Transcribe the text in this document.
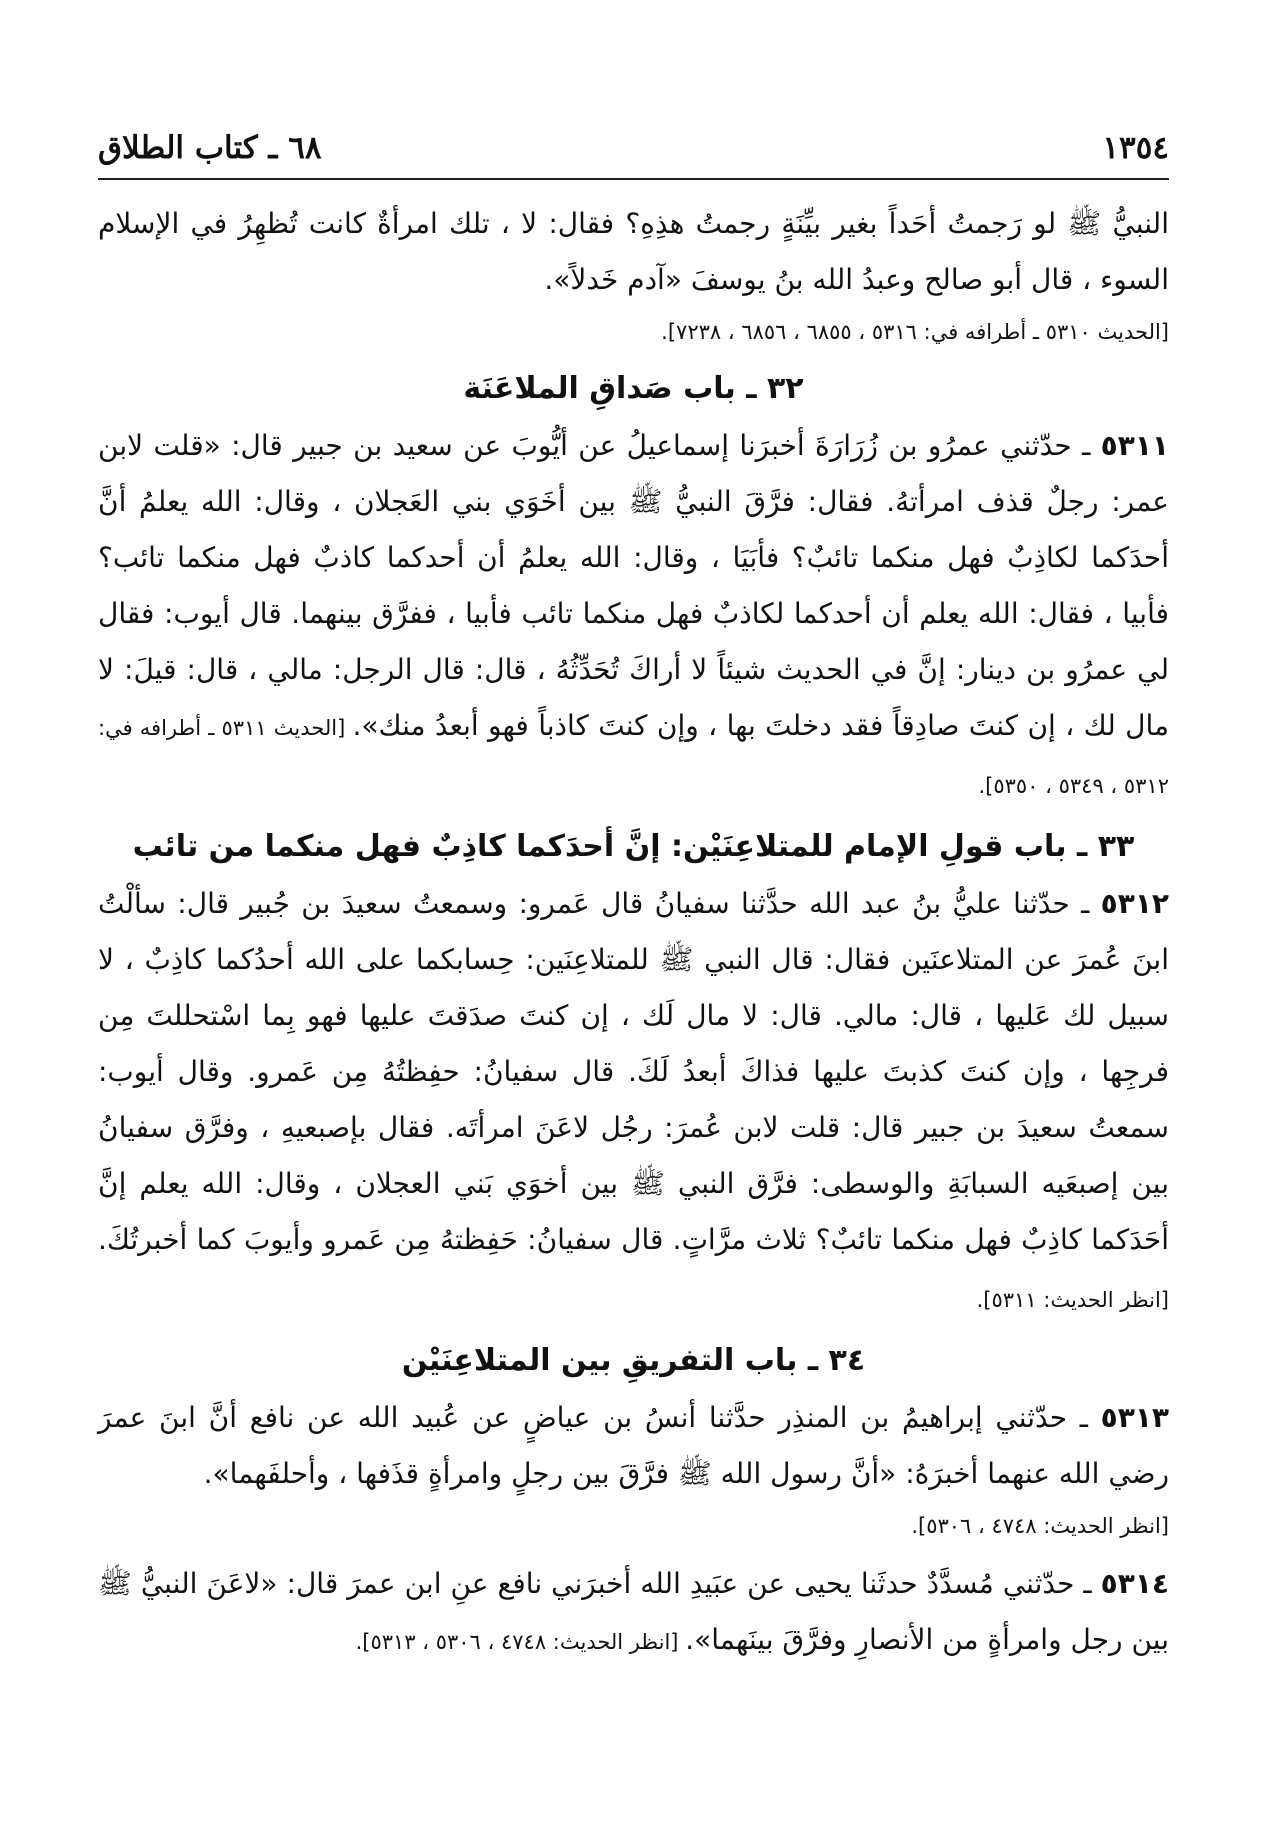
٦٨ ـ كتاب الطلاق	١٣٥٤

النبيُّ ﷺ لو رَجمتُ أحَداً بغير بيِّنَةٍ رجمتُ هذِهِ؟ فقال: لا ، تلك امرأةٌ كانت تُظهِرُ في الإسلام السوء ، قال أبو صالح وعبدُ الله بنُ يوسفَ «آدم خَدلاً».

[الحديث ٥٣١٠ ـ أطرافه في: ٥٣١٦ ، ٦٨٥٥ ، ٦٨٥٦ ، ٧٢٣٨].

٣٢ ـ باب صَداقِ الملاعَنَة

٥٣١١ ـ حدّثني عمرُو بن زُرَارَةَ أخبرَنا إسماعيلُ عن أيُّوبَ عن سعيد بن جبير قال: «قلت لابن عمر: رجلٌ قذف امرأتهُ. فقال: فرَّقَ النبيُّ ﷺ بين أخَوَي بني العَجلان ، وقال: الله يعلمُ أنَّ أحدَكما لكاذِبٌ فهل منكما تائبٌ؟ فأبَيَا ، وقال: الله يعلمُ أن أحدكما كاذبٌ فهل منكما تائب؟ فأبيا ، فقال: الله يعلم أن أحدكما لكاذبٌ فهل منكما تائب فأبيا ، ففرَّق بينهما. قال أيوب: فقال لي عمرُو بن دينار: إنَّ في الحديث شيئاً لا أراكَ تُحَدِّثُهُ ، قال: قال الرجل: مالي ، قال: قيلَ: لا مال لك ، إن كنتَ صادِقاً فقد دخلتَ بها ، وإن كنتَ كاذباً فهو أبعدُ منك». [الحديث ٥٣١١ ـ أطرافه في: ٥٣١٢ ، ٥٣٤٩ ، ٥٣٥٠].

٣٣ ـ باب قولِ الإمام للمتلاعِنَيْن: إنَّ أحدَكما كاذِبٌ فهل منكما من تائب

٥٣١٢ ـ حدّثنا عليُّ بنُ عبد الله حدَّثنا سفيانُ قال عَمرو: وسمعتُ سعيدَ بن جُبير قال: سألْتُ ابنَ عُمرَ عن المتلاعنَين فقال: قال النبي ﷺ للمتلاعِنَين: حِسابكما على الله أحدُكما كاذِبٌ ، لا سبيل لك عَليها ، قال: مالي. قال: لا مال لَك ، إن كنتَ صدَقتَ عليها فهو بِما اسْتحللتَ مِن فرجِها ، وإن كنتَ كذبتَ عليها فذاكَ أبعدُ لَكَ. قال سفيانُ: حفِظتُهُ مِن عَمرو. وقال أيوب: سمعتُ سعيدَ بن جبير قال: قلت لابن عُمرَ: رجُل لاعَنَ امرأتَه. فقال بإصبعيهِ ، وفرَّق سفيانُ بين إصبعَيه السبابَةِ والوسطى: فرَّق النبي ﷺ بين أخوَي بَني العجلان ، وقال: الله يعلم إنَّ أحَدَكما كاذِبٌ فهل منكما تائبٌ؟ ثلاث مرَّاتٍ. قال سفيانُ: حَفِظتهُ مِن عَمرو وأيوبَ كما أخبرتُكَ. [انظر الحديث: ٥٣١١].

٣٤ ـ باب التفريقِ بين المتلاعِنَيْن

٥٣١٣ ـ حدّثني إبراهيمُ بن المنذِر حدَّثنا أنسُ بن عياضٍ عن عُبيد الله عن نافع أنَّ ابنَ عمرَ رضي الله عنهما أخبرَهُ: «أنَّ رسول الله ﷺ فرَّقَ بين رجلٍ وامرأةٍ قذَفها ، وأحلفَهما».

[انظر الحديث: ٤٧٤٨ ، ٥٣٠٦].

٥٣١٤ ـ حدّثني مُسدَّدٌ حدثَنا يحيى عن عبَيدِ الله أخبرَني نافع عنِ ابن عمرَ قال: «لاعَنَ النبيُّ ﷺ بين رجل وامرأةٍ من الأنصارِ وفرَّقَ بينَهما». [انظر الحديث: ٤٧٤٨ ، ٥٣٠٦ ، ٥٣١٣].
